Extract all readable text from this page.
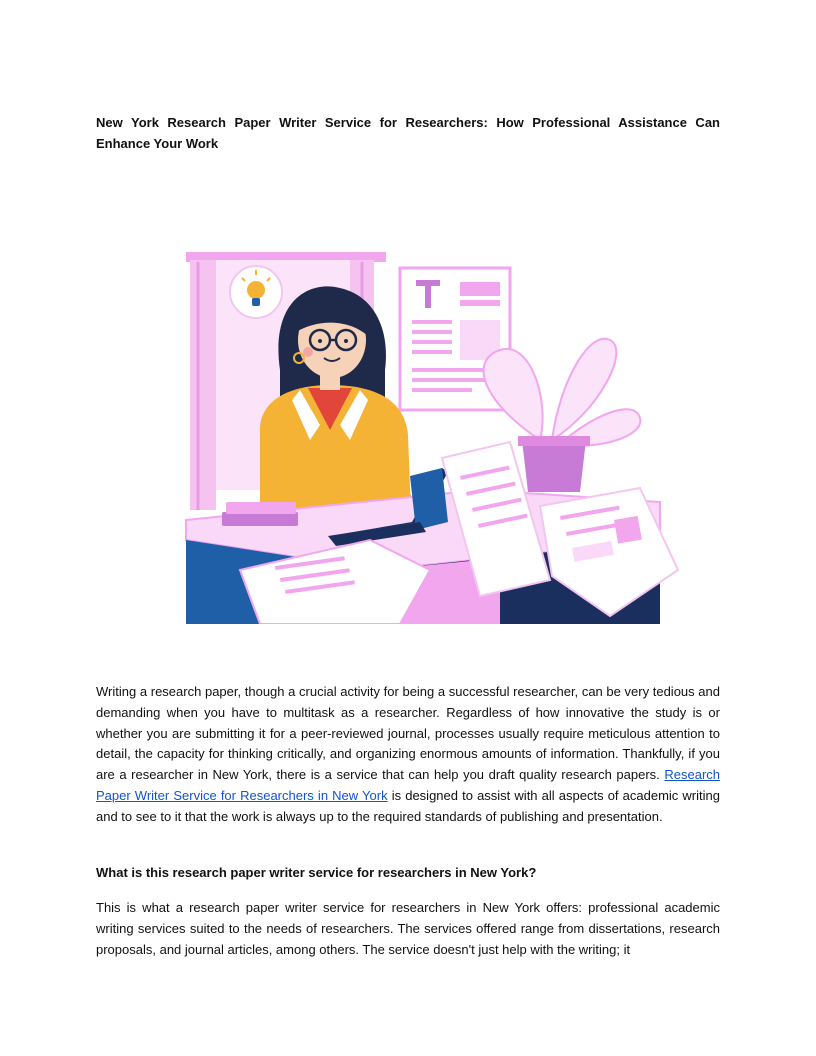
New York Research Paper Writer Service for Researchers: How Professional Assistance Can Enhance Your Work

Writing a research paper, though a crucial activity for being a successful researcher, can be very tedious and demanding when you have to multitask as a researcher. Regardless of how innovative the study is or whether you are submitting it for a peer-reviewed journal, processes usually require meticulous attention to detail, the capacity for thinking critically, and organizing enormous amounts of information. Thankfully, if you are a researcher in New York, there is a service that can help you draft quality research papers. Research Paper Writer Service for Researchers in New York is designed to assist with all aspects of academic writing and to see to it that the work is always up to the required standards of publishing and presentation.

What is this research paper writer service for researchers in New York?

This is what a research paper writer service for researchers in New York offers: professional academic writing services suited to the needs of researchers. The services offered range from dissertations, research proposals, and journal articles, among others. The service doesn't just help with the writing; it
